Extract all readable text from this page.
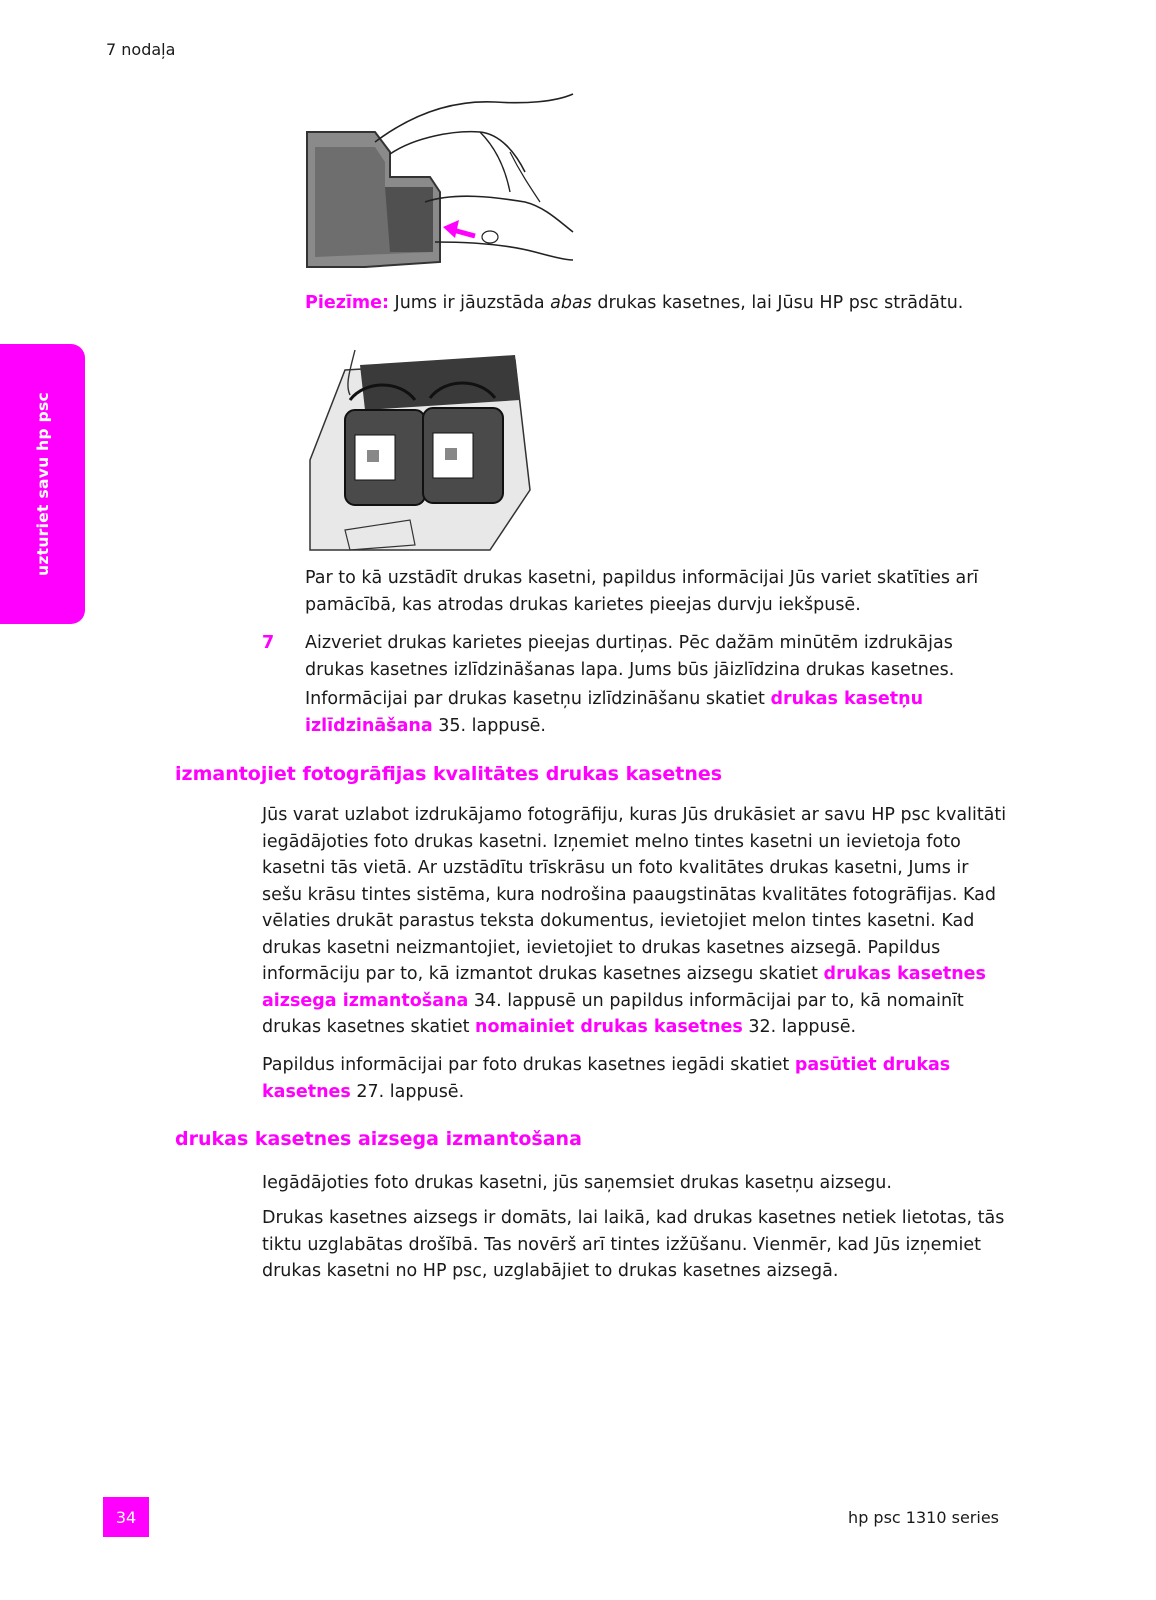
7 nodaļa
uzturiet savu hp psc

Piezīme: Jums ir jāuzstāda abas drukas kasetnes, lai Jūsu HP psc strādātu.

Par to kā uzstādīt drukas kasetni, papildus informācijai Jūs variet skatīties arī pamācībā, kas atrodas drukas karietes pieejas durvju iekšpusē.

7 Aizveriet drukas karietes pieejas durtiņas. Pēc dažām minūtēm izdrukājas drukas kasetnes izlīdzināšanas lapa. Jums būs jāizlīdzina drukas kasetnes.

Informācijai par drukas kasetņu izlīdzināšanu skatiet drukas kasetņu izlīdzināšana 35. lappusē.

izmantojiet fotogrāfijas kvalitātes drukas kasetnes

Jūs varat uzlabot izdrukājamo fotogrāfiju, kuras Jūs drukāsiet ar savu HP psc kvalitāti iegādājoties foto drukas kasetni. Izņemiet melno tintes kasetni un ievietoja foto kasetni tās vietā. Ar uzstādītu trīskrāsu un foto kvalitātes drukas kasetni, Jums ir sešu krāsu tintes sistēma, kura nodrošina paaugstinātas kvalitātes fotogrāfijas. Kad vēlaties drukāt parastus teksta dokumentus, ievietojiet melon tintes kasetni. Kad drukas kasetni neizmantojiet, ievietojiet to drukas kasetnes aizsegā. Papildus informāciju par to, kā izmantot drukas kasetnes aizsegu skatiet drukas kasetnes aizsega izmantošana 34. lappusē un papildus informācijai par to, kā nomainīt drukas kasetnes skatiet nomainiet drukas kasetnes 32. lappusē.

Papildus informācijai par foto drukas kasetnes iegādi skatiet pasūtiet drukas kasetnes 27. lappusē.

drukas kasetnes aizsega izmantošana

Iegādājoties foto drukas kasetni, jūs saņemsiet drukas kasetņu aizsegu.

Drukas kasetnes aizsegs ir domāts, lai laikā, kad drukas kasetnes netiek lietotas, tās tiktu uzglabātas drošībā. Tas novērš arī tintes izžūšanu. Vienmēr, kad Jūs izņemiet drukas kasetni no HP psc, uzglabājiet to drukas kasetnes aizsegā.

34	hp psc 1310 series
